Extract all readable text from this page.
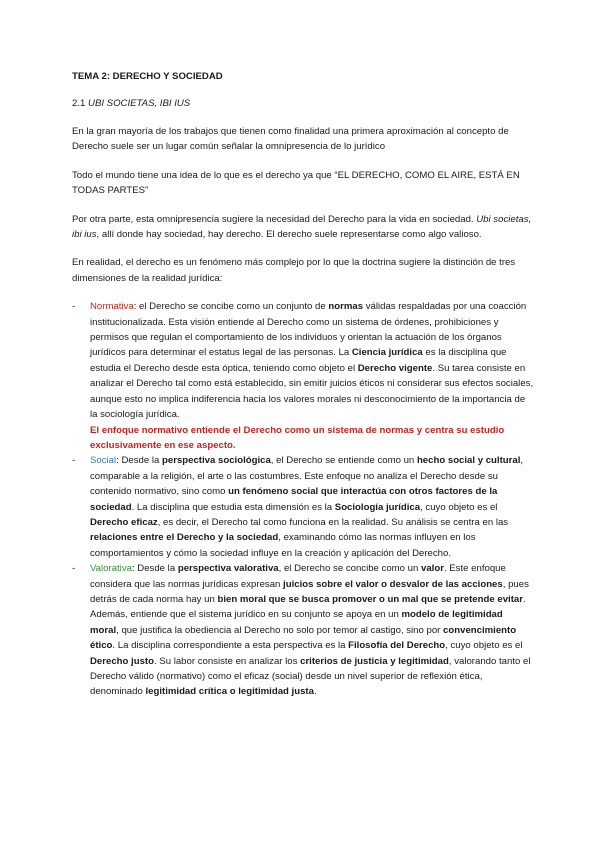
TEMA 2: DERECHO Y SOCIEDAD
2.1 UBI SOCIETAS, IBI IUS

En la gran mayoría de los trabajos que tienen como finalidad una primera aproximación al concepto de Derecho suele ser un lugar común señalar la omnipresencia de lo jurídico

Todo el mundo tiene una idea de lo que es el derecho ya que “EL DERECHO, COMO EL AIRE, ESTÁ EN TODAS PARTES”

Por otra parte, esta omnipresencia sugiere la necesidad del Derecho para la vida en sociedad. Ubi societas, ibi ius, allí donde hay sociedad, hay derecho. El derecho suele representarse como algo valioso.

En realidad, el derecho es un fenómeno más complejo por lo que la doctrina sugiere la distinción de tres dimensiones de la realidad jurídica:

- Normativa: el Derecho se concibe como un conjunto de normas válidas respaldadas por una coacción institucionalizada. Esta visión entiende al Derecho como un sistema de órdenes, prohibiciones y permisos que regulan el comportamiento de los individuos y orientan la actuación de los órganos jurídicos para determinar el estatus legal de las personas. La Ciencia jurídica es la disciplina que estudia el Derecho desde esta óptica, teniendo como objeto el Derecho vigente. Su tarea consiste en analizar el Derecho tal como está establecido, sin emitir juicios éticos ni considerar sus efectos sociales, aunque esto no implica indiferencia hacia los valores morales ni desconocimiento de la importancia de la sociología jurídica.
El enfoque normativo entiende el Derecho como un sistema de normas y centra su estudio exclusivamente en ese aspecto.
- Social: Desde la perspectiva sociológica, el Derecho se entiende como un hecho social y cultural, comparable a la religión, el arte o las costumbres. Este enfoque no analiza el Derecho desde su contenido normativo, sino como un fenómeno social que interactúa con otros factores de la sociedad. La disciplina que estudia esta dimensión es la Sociología jurídica, cuyo objeto es el Derecho eficaz, es decir, el Derecho tal como funciona en la realidad. Su análisis se centra en las relaciones entre el Derecho y la sociedad, examinando cómo las normas influyen en los comportamientos y cómo la sociedad influye en la creación y aplicación del Derecho.
- Valorativa: Desde la perspectiva valorativa, el Derecho se concibe como un valor. Este enfoque considera que las normas jurídicas expresan juicios sobre el valor o desvalor de las acciones, pues detrás de cada norma hay un bien moral que se busca promover o un mal que se pretende evitar. Además, entiende que el sistema jurídico en su conjunto se apoya en un modelo de legitimidad moral, que justifica la obediencia al Derecho no solo por temor al castigo, sino por convencimiento ético. La disciplina correspondiente a esta perspectiva es la Filosofía del Derecho, cuyo objeto es el Derecho justo. Su labor consiste en analizar los criterios de justicia y legitimidad, valorando tanto el Derecho válido (normativo) como el eficaz (social) desde un nivel superior de reflexión ética, denominado legitimidad crítica o legitimidad justa.
